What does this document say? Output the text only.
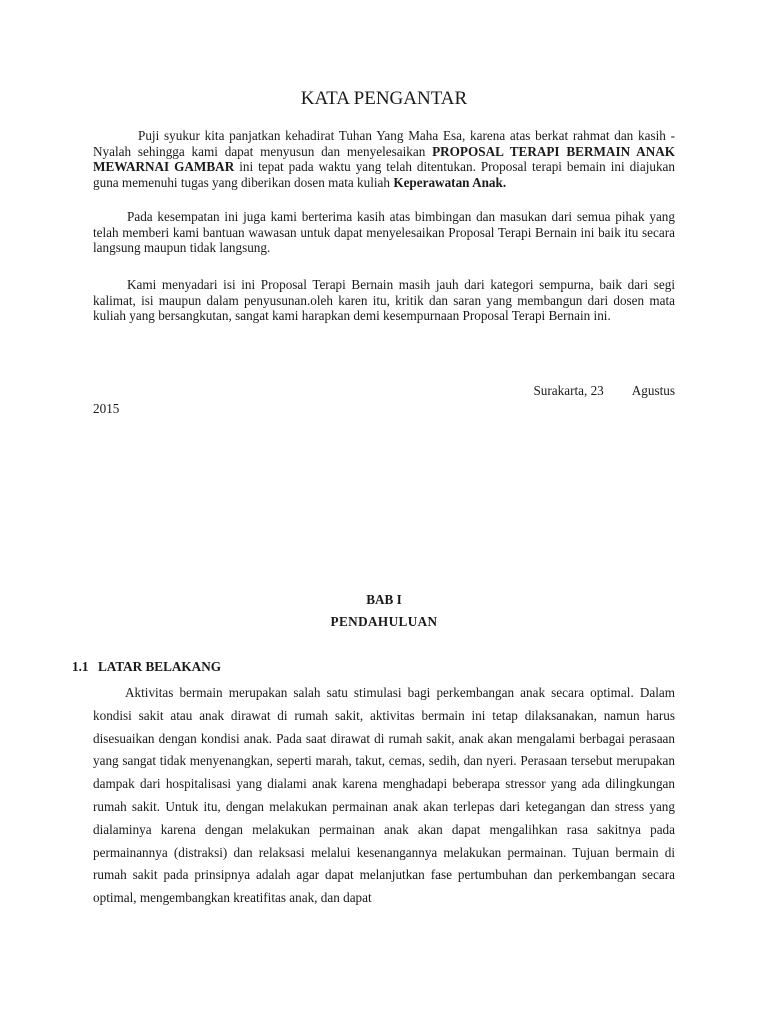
KATA PENGANTAR

Puji syukur kita panjatkan kehadirat Tuhan Yang Maha Esa, karena atas berkat rahmat dan kasih -Nyalah sehingga kami dapat menyusun dan menyelesaikan PROPOSAL TERAPI BERMAIN ANAK MEWARNAI GAMBAR ini tepat pada waktu yang telah ditentukan. Proposal terapi bemain ini diajukan guna memenuhi tugas yang diberikan dosen mata kuliah Keperawatan Anak.

Pada kesempatan ini juga kami berterima kasih atas bimbingan dan masukan dari semua pihak yang telah memberi kami bantuan wawasan untuk dapat menyelesaikan Proposal Terapi Bernain ini baik itu secara langsung maupun tidak langsung.

Kami menyadari isi ini Proposal Terapi Bernain masih jauh dari kategori sempurna, baik dari segi kalimat, isi maupun dalam penyusunan.oleh karen itu, kritik dan saran yang membangun dari dosen mata kuliah yang bersangkutan, sangat kami harapkan demi kesempurnaan Proposal Terapi Bernain ini.

Surakarta, 23 Agustus
2015

BAB I

PENDAHULUAN

1.1 LATAR BELAKANG

Aktivitas bermain merupakan salah satu stimulasi bagi perkembangan anak secara optimal. Dalam kondisi sakit atau anak dirawat di rumah sakit, aktivitas bermain ini tetap dilaksanakan, namun harus disesuaikan dengan kondisi anak. Pada saat dirawat di rumah sakit, anak akan mengalami berbagai perasaan yang sangat tidak menyenangkan, seperti marah, takut, cemas, sedih, dan nyeri. Perasaan tersebut merupakan dampak dari hospitalisasi yang dialami anak karena menghadapi beberapa stressor yang ada dilingkungan rumah sakit. Untuk itu, dengan melakukan permainan anak akan terlepas dari ketegangan dan stress yang dialaminya karena dengan melakukan permainan anak akan dapat mengalihkan rasa sakitnya pada permainannya (distraksi) dan relaksasi melalui kesenangannya melakukan permainan. Tujuan bermain di rumah sakit pada prinsipnya adalah agar dapat melanjutkan fase pertumbuhan dan perkembangan secara optimal, mengembangkan kreatifitas anak, dan dapat
